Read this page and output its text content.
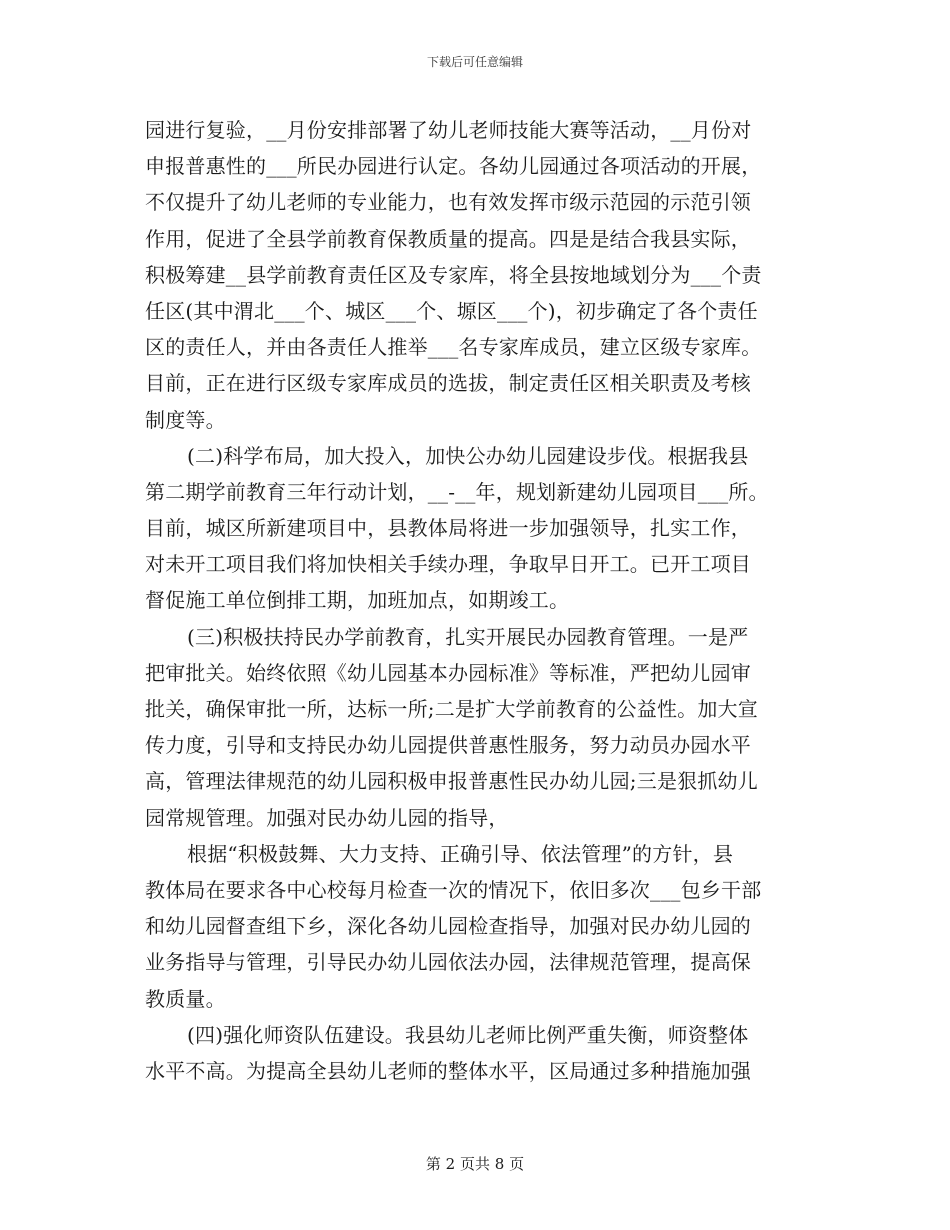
下载后可任意编辑
园进行复验，__月份安排部署了幼儿老师技能大赛等活动，__月份对
申报普惠性的___所民办园进行认定。各幼儿园通过各项活动的开展，
不仅提升了幼儿老师的专业能力，也有效发挥市级示范园的示范引领
作用，促进了全县学前教育保教质量的提高。四是是结合我县实际，
积极筹建__县学前教育责任区及专家库，将全县按地域划分为___个责
任区(其中渭北___个、城区___个、塬区___个)，初步确定了各个责任
区的责任人，并由各责任人推举___名专家库成员，建立区级专家库。
目前，正在进行区级专家库成员的选拔，制定责任区相关职责及考核
制度等。
(二)科学布局，加大投入，加快公办幼儿园建设步伐。根据我县
第二期学前教育三年行动计划，__-__年，规划新建幼儿园项目___所。
目前，城区所新建项目中，县教体局将进一步加强领导，扎实工作，
对未开工项目我们将加快相关手续办理，争取早日开工。已开工项目
督促施工单位倒排工期，加班加点，如期竣工。
(三)积极扶持民办学前教育，扎实开展民办园教育管理。一是严
把审批关。始终依照《幼儿园基本办园标准》等标准，严把幼儿园审
批关，确保审批一所，达标一所;二是扩大学前教育的公益性。加大宣
传力度，引导和支持民办幼儿园提供普惠性服务，努力动员办园水平
高，管理法律规范的幼儿园积极申报普惠性民办幼儿园;三是狠抓幼儿
园常规管理。加强对民办幼儿园的指导，
根据“积极鼓舞、大力支持、正确引导、依法管理”的方针，县
教体局在要求各中心校每月检查一次的情况下，依旧多次___包乡干部
和幼儿园督查组下乡，深化各幼儿园检查指导，加强对民办幼儿园的
业务指导与管理，引导民办幼儿园依法办园，法律规范管理，提高保
教质量。
(四)强化师资队伍建设。我县幼儿老师比例严重失衡，师资整体
水平不高。为提高全县幼儿老师的整体水平，区局通过多种措施加强
第 2 页共 8 页
